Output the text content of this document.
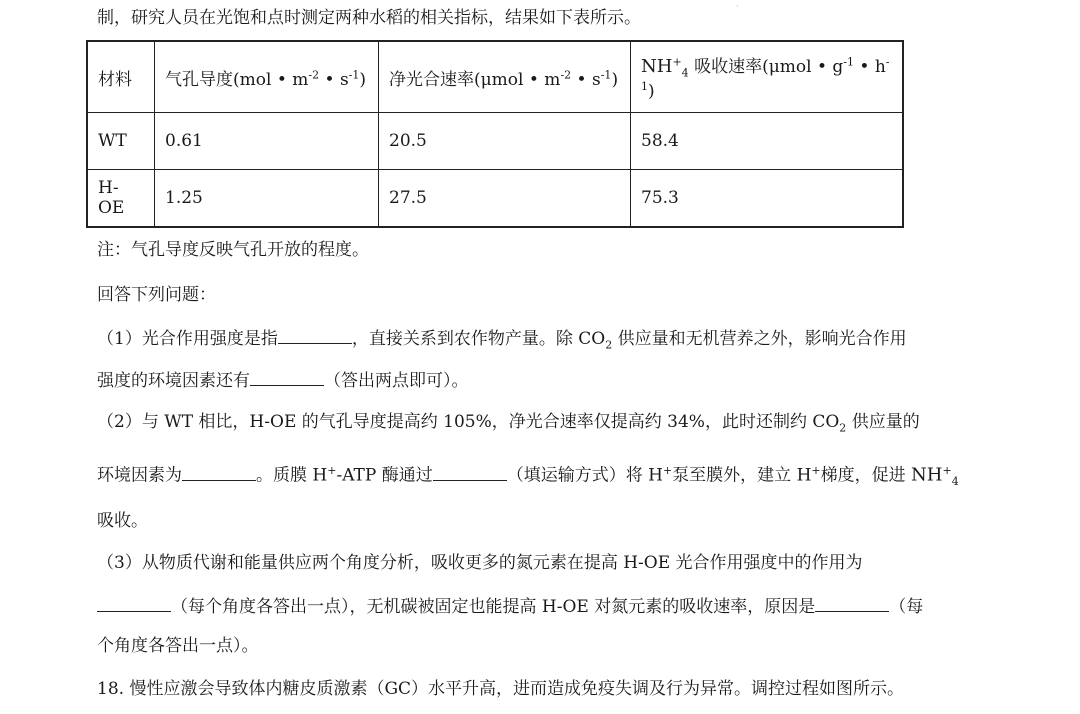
·
制，研究人员在光饱和点时测定两种水稻的相关指标，结果如下表所示。
材料	气孔导度(mol • $m^{-2}$ • $s^{-1}$)	净光合速率(μmol • $m^{-2}$ • $s^{-1}$)	$NH^+_4$ 吸收速率(μmol • $g^{-1}$ • $h^{-1}$)
WT	0.61	20.5	58.4
H-OE	1.25	27.5	75.3
注：气孔导度反映气孔开放的程度。
回答下列问题：
（1）光合作用强度是指	，直接关系到农作物产量。除 $CO_2$ 供应量和无机营养之外，影响光合作用
强度的环境因素还有	（答出两点即可）。
（2）与 WT 相比，H-OE 的气孔导度提高约 105%，净光合速率仅提高约 34%，此时还制约 $CO_2$ 供应量的
环境因素为	。质膜 H+-ATP 酶通过	（填运输方式）将 H+泵至膜外，建立 H+梯度，促进 $NH^+_4$
吸收。
（3）从物质代谢和能量供应两个角度分析，吸收更多的氮元素在提高 H-OE 光合作用强度中的作用为
（每个角度各答出一点），无机碳被固定也能提高 H-OE 对氮元素的吸收速率，原因是	（每
个角度各答出一点）。
18. 慢性应激会导致体内糖皮质激素（GC）水平升高，进而造成免疫失调及行为异常。调控过程如图所示。
